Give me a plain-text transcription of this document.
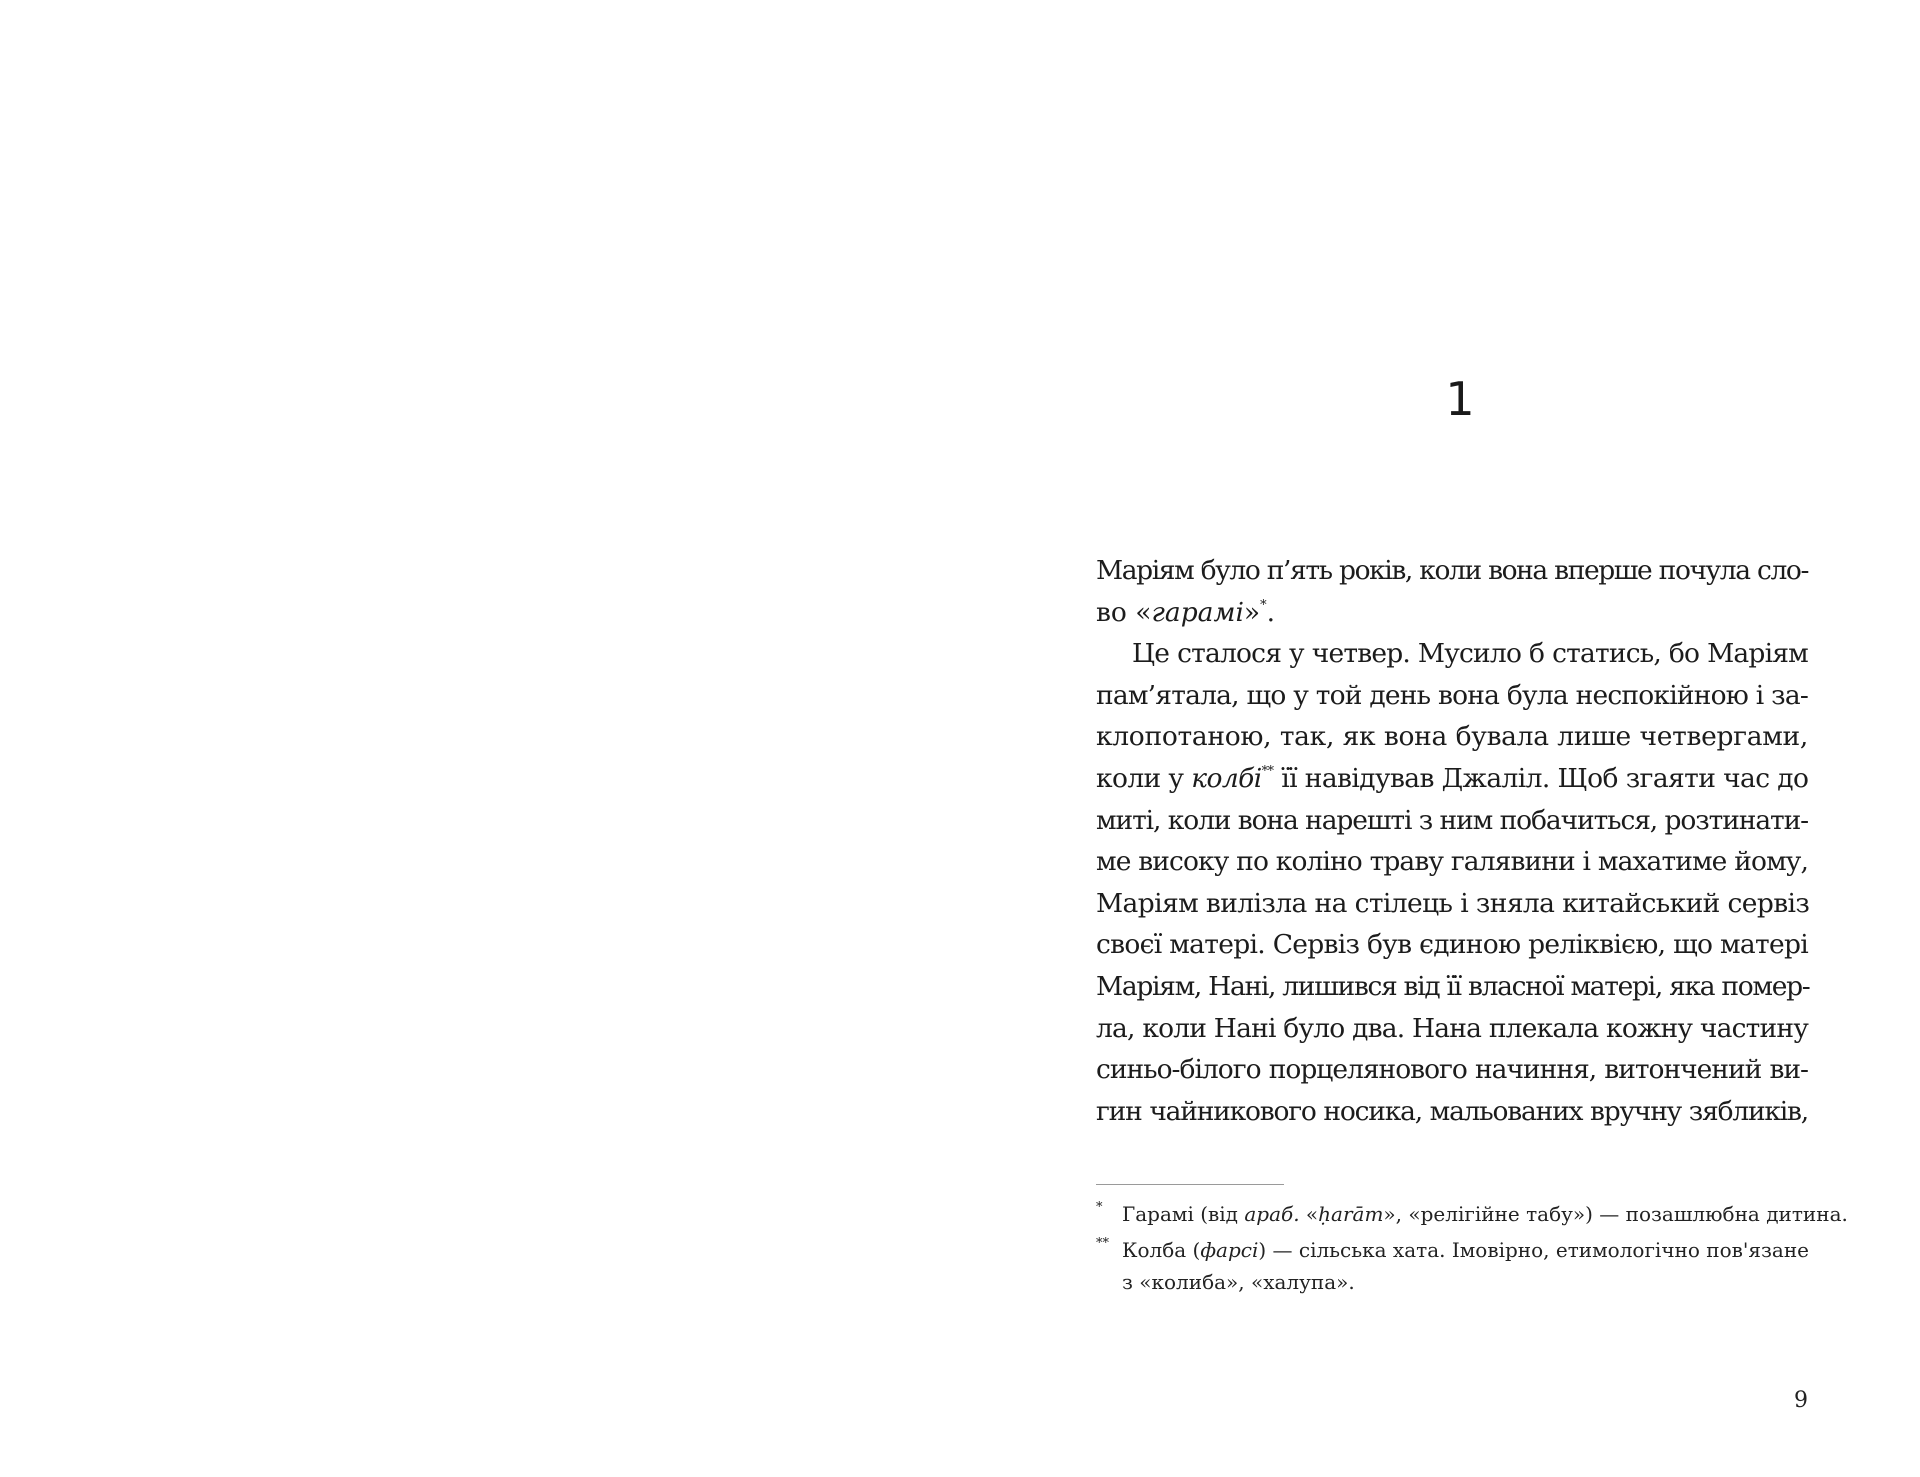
1
Маріям було п’ять років, коли вона вперше почула сло-
во «гарамі»*.
Це сталося у четвер. Мусило б статись, бо Маріям
пам’ятала, що у той день вона була неспокійною і за-
клопотаною, так, як вона бувала лише четвергами,
коли у колбі** її навідував Джаліл. Щоб згаяти час до
миті, коли вона нарешті з ним побачиться, розтинати-
ме високу по коліно траву галявини і махатиме йому,
Маріям вилізла на стілець і зняла китайський сервіз
своєї матері. Сервіз був єдиною реліквією, що матері
Маріям, Нані, лишився від її власної матері, яка помер-
ла, коли Нані було два. Нана плекала кожну частину
синьо-білого порцелянового начиння, витончений ви-
гин чайникового носика, мальованих вручну зябликів,
* Гарамі (від араб. «ḥarām», «релігійне табу») — позашлюбна дитина.
** Колба (фарсі) — сільська хата. Імовірно, етимологічно пов'язане
з «колиба», «халупа».
9
